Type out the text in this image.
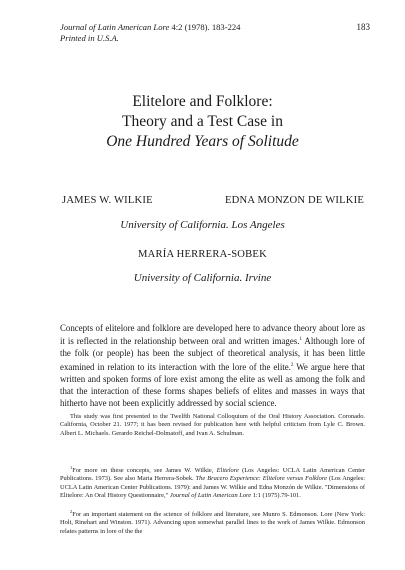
Journal of Latin American Lore 4:2 (1978). 183-224
Printed in U.S.A.
183
Elitelore and Folklore:
Theory and a Test Case in
One Hundred Years of Solitude
JAMES W. WILKIE	EDNA MONZON DE WILKIE
University of California. Los Angeles
MARÍA HERRERA-SOBEK
University of California. Irvine
Concepts of elitelore and folklore are developed here to advance theory about lore as it is reflected in the relationship between oral and written images.$^1$ Although lore of the folk (or people) has been the subject of theoretical analysis, it has been little examined in relation to its interaction with the lore of the elite.$^2$ We argue here that written and spoken forms of lore exist among the elite as well as among the folk and that the interaction of these forms shapes beliefs of elites and masses in ways that hitherto have not been explicitly addressed by social science.

This study was first presented to the Twelfth National Colloquium of the Oral History Association. Coronado. California, October 21. 1977; it has been revised for publication here with helpful criticism from Lyle C. Brown. Albert L. Michaels. Gerardo Reichel-Dolmatoff, and Ivan A. Schulman.

$^1$For more on these concepts, see James W. Wilkie, Elitelore (Los Angeles: UCLA Latin American Center Publications. 1973). See also Maria Herrera-Sobek. The Bracero Experience: Elitelore versus Folklore (Los Angeles: UCLA Latin American Center Publications. 1979): and James W. Wilkie and Edna Monzón de Wilkie. "Dimensions of Elitelore: An Oral History Questionnaire," Journal of Latin American Lore 1:1 (1975).79-101.

$^2$For an important statement on the science of folklore and literature, see Munro S. Edmonson. Lore (New York: Holt, Rinehart and Winston. 1971). Advancing upon somewhat parallel lines to the work of James Wilkie. Edmonson relates patterns in lore of the the
